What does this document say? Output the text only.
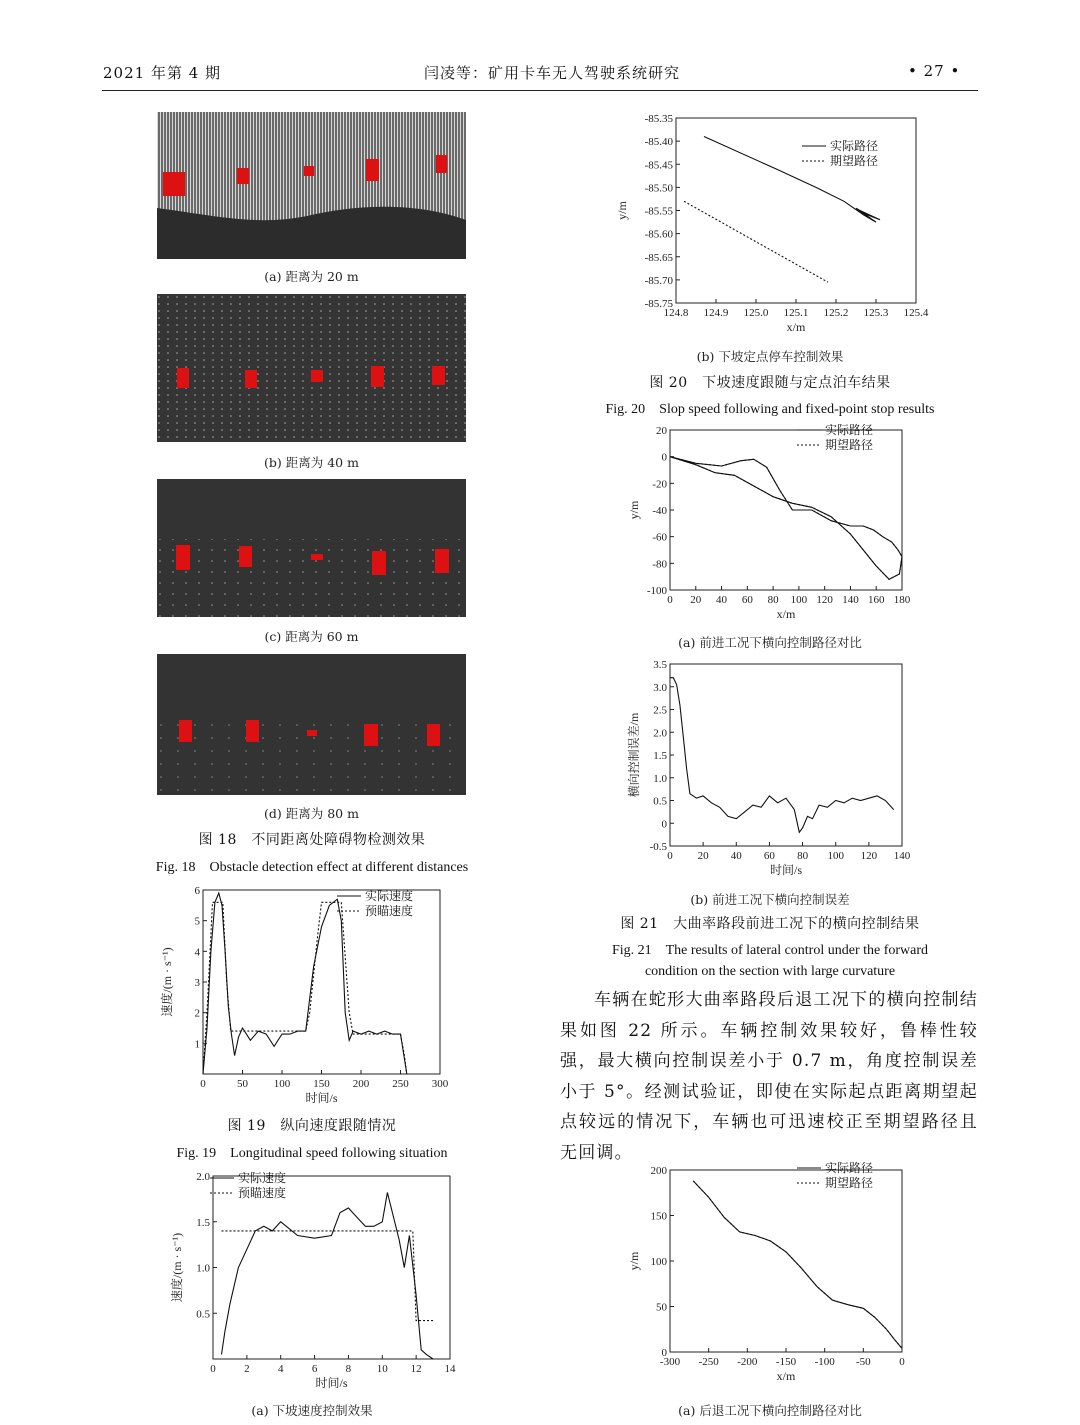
2021 年第 4 期	闫凌等：矿用卡车无人驾驶系统研究	• 27 •
(a) 距离为 20 m
(b) 距离为 40 m
(c) 距离为 60 m
(d) 距离为 80 m
图 18　不同距离处障碍物检测效果
Fig. 18　Obstacle detection effect at different distances
0	50 100 150 200 250 300
1
2
3
4
5
6
时间/s
速度/(m · s⁻¹)
实际速度
预瞄速度
图 19　纵向速度跟随情况
Fig. 19　Longitudinal speed following situation
0	2	4	6	8 10 12 14
0.5
1.0
1.5
2.0
时间/s
速度/(m · s⁻¹)
实际速度
预瞄速度
(a) 下坡速度控制效果
124.8 124.9 125.0 125.1 125.2 125.3 125.4
-85.35
-85.40
-85.45
-85.50
-85.55
-85.60
-85.65
-85.70
-85.75
x/m
y/m
实际路径
期望路径
(b) 下坡定点停车控制效果
图 20　下坡速度跟随与定点泊车结果
Fig. 20　Slop speed following and fixed-point stop results
0 20 40 60 80 100 120 140 160 180
20
0
-20
-40
-60
-80
-100
x/m
y/m
实际路径
期望路径
(a) 前进工况下横向控制路径对比
0 20 40 60 80 100 120 140
-0.5
0
0.5
1.0
1.5
2.0
2.5
3.0
3.5
时间/s
横向控制误差/m
(b) 前进工况下横向控制误差
图 21　大曲率路段前进工况下的横向控制结果
Fig. 21　The results of lateral control under the forward
condition on the section with large curvature
车辆在蛇形大曲率路段后退工况下的横向控制结果如图 22 所示。车辆控制效果较好，鲁棒性较强，最大横向控制误差小于 0.7 m，角度控制误差小于 5°。经测试验证，即使在实际起点距离期望起点较远的情况下，车辆也可迅速校正至期望路径且无回调。
-300 -250 -200 -150 -100 -50	0
0
50
100
150
200
x/m
y/m
实际路径
期望路径
(a) 后退工况下横向控制路径对比
